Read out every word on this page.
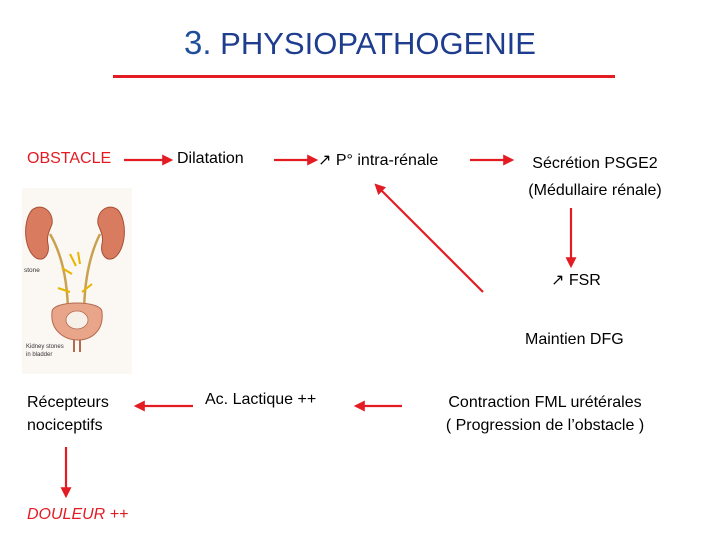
3. PHYSIOPATHOGENIE
OBSTACLE	Dilatation	↗ P° intra-rénale	Sécrétion PSGE2
(Médullaire rénale)
↗ FSR
Maintien DFG
Récepteurs
nociceptifs
Ac. Lactique ++	Contraction FML urétérales
( Progression de l’obstacle )
DOULEUR ++
stone
Kidney stones
in bladder
